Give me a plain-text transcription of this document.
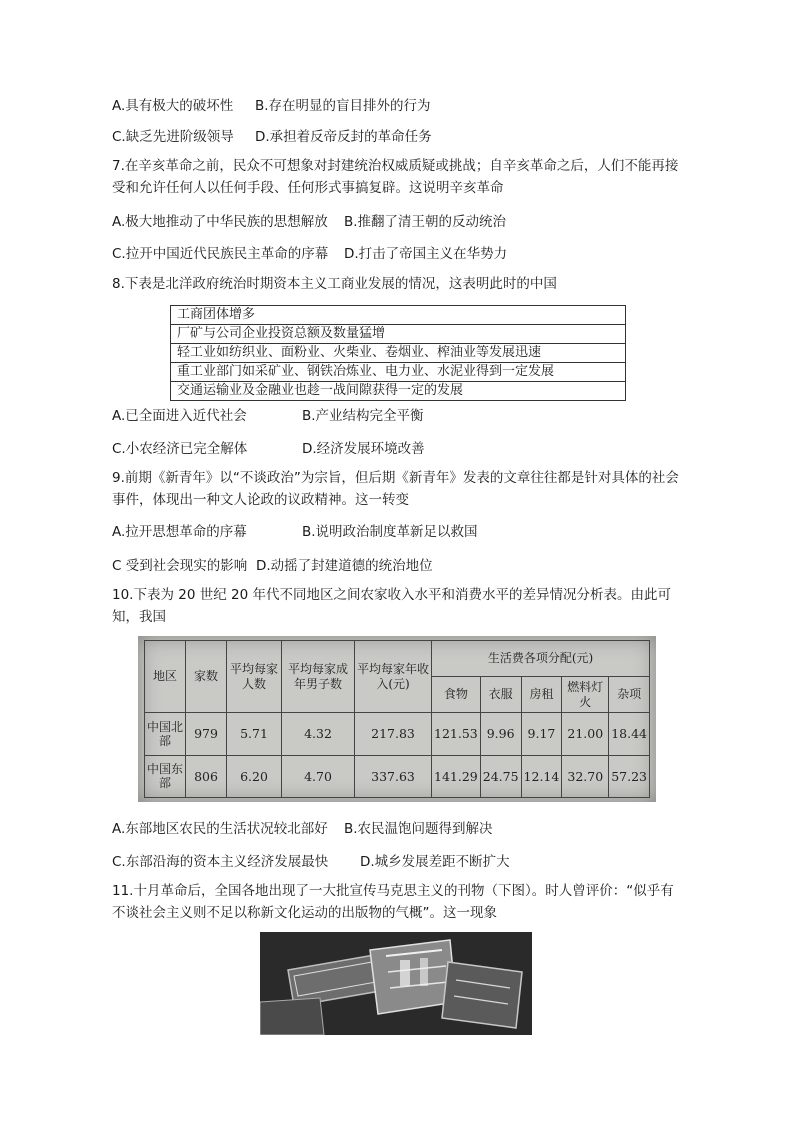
A.具有极大的破坏性 B.存在明显的盲目排外的行为
C.缺乏先进阶级领导 D.承担着反帝反封的革命任务
7.在辛亥革命之前，民众不可想象对封建统治权威质疑或挑战；自辛亥革命之后，人们不能再接受和允许任何人以任何手段、任何形式事搞复辟。这说明辛亥革命
A.极大地推动了中华民族的思想解放 B.推翻了清王朝的反动统治
C.拉开中国近代民族民主革命的序幕 D.打击了帝国主义在华势力
8.下表是北洋政府统治时期资本主义工商业发展的情况，这表明此时的中国
工商团体增多
厂矿与公司企业投资总额及数量猛增
轻工业如纺织业、面粉业、火柴业、卷烟业、榨油业等发展迅速
重工业部门如采矿业、钢铁冶炼业、电力业、水泥业得到一定发展
交通运输业及金融业也趁一战间隙获得一定的发展
A.已全面进入近代社会	B.产业结构完全平衡
C.小农经济已完全解体	D.经济发展环境改善
9.前期《新青年》以“不谈政治”为宗旨，但后期《新青年》发表的文章往往都是针对具体的社会事件，体现出一种文人论政的议政精神。这一转变
A.拉开思想革命的序幕	B.说明政治制度革新足以救国
C 受到社会现实的影响 D.动摇了封建道德的统治地位
10.下表为 20 世纪 20 年代不同地区之间农家收入水平和消费水平的差异情况分析表。由此可知，我国
地区	家数	平均每家人数	平均每家成年男子数	平均每家年收入(元)	生活费各项分配(元)				
					食物	衣服	房租	燃料灯火	杂项
中国北部	979	5.71	4.32	217.83	121.53	9.96	9.17	21.00	18.44
中国东部	806	6.20	4.70	337.63	141.29	24.75	12.14	32.70	57.23
A.东部地区农民的生活状况较北部好 B.农民温饱问题得到解决
C.东部沿海的资本主义经济发展最快 D.城乡发展差距不断扩大
11.十月革命后，全国各地出现了一大批宣传马克思主义的刊物（下图）。时人曾评价：“似乎有不谈社会主义则不足以称新文化运动的出版物的气概”。这一现象
